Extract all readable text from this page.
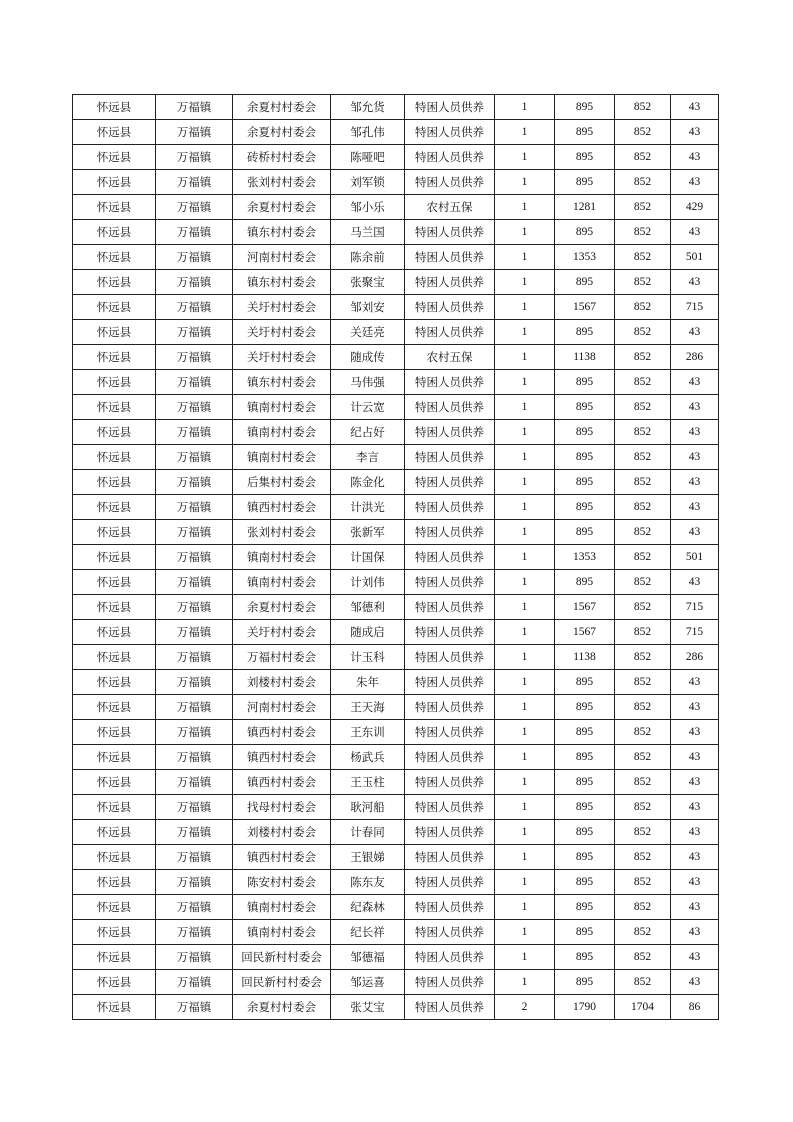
怀远县	万福镇	余夏村村委会	邹允货	特困人员供养	1	895	852	43
怀远县	万福镇	余夏村村委会	邹孔伟	特困人员供养	1	895	852	43
怀远县	万福镇	砖桥村村委会	陈哑吧	特困人员供养	1	895	852	43
怀远县	万福镇	张刘村村委会	刘军锁	特困人员供养	1	895	852	43
怀远县	万福镇	余夏村村委会	邹小乐	农村五保	1	1281	852	429
怀远县	万福镇	镇东村村委会	马兰国	特困人员供养	1	895	852	43
怀远县	万福镇	河南村村委会	陈余前	特困人员供养	1	1353	852	501
怀远县	万福镇	镇东村村委会	张聚宝	特困人员供养	1	895	852	43
怀远县	万福镇	关圩村村委会	邹刘安	特困人员供养	1	1567	852	715
怀远县	万福镇	关圩村村委会	关廷亮	特困人员供养	1	895	852	43
怀远县	万福镇	关圩村村委会	随成传	农村五保	1	1138	852	286
怀远县	万福镇	镇东村村委会	马伟强	特困人员供养	1	895	852	43
怀远县	万福镇	镇南村村委会	计云宽	特困人员供养	1	895	852	43
怀远县	万福镇	镇南村村委会	纪占好	特困人员供养	1	895	852	43
怀远县	万福镇	镇南村村委会	李言	特困人员供养	1	895	852	43
怀远县	万福镇	后集村村委会	陈金化	特困人员供养	1	895	852	43
怀远县	万福镇	镇西村村委会	计洪光	特困人员供养	1	895	852	43
怀远县	万福镇	张刘村村委会	张新军	特困人员供养	1	895	852	43
怀远县	万福镇	镇南村村委会	计国保	特困人员供养	1	1353	852	501
怀远县	万福镇	镇南村村委会	计刘伟	特困人员供养	1	895	852	43
怀远县	万福镇	余夏村村委会	邹德利	特困人员供养	1	1567	852	715
怀远县	万福镇	关圩村村委会	随成启	特困人员供养	1	1567	852	715
怀远县	万福镇	万福村村委会	计玉科	特困人员供养	1	1138	852	286
怀远县	万福镇	刘楼村村委会	朱年	特困人员供养	1	895	852	43
怀远县	万福镇	河南村村委会	王天海	特困人员供养	1	895	852	43
怀远县	万福镇	镇西村村委会	王东训	特困人员供养	1	895	852	43
怀远县	万福镇	镇西村村委会	杨武兵	特困人员供养	1	895	852	43
怀远县	万福镇	镇西村村委会	王玉柱	特困人员供养	1	895	852	43
怀远县	万福镇	找母村村委会	耿河船	特困人员供养	1	895	852	43
怀远县	万福镇	刘楼村村委会	计春同	特困人员供养	1	895	852	43
怀远县	万福镇	镇西村村委会	王银娣	特困人员供养	1	895	852	43
怀远县	万福镇	陈安村村委会	陈东友	特困人员供养	1	895	852	43
怀远县	万福镇	镇南村村委会	纪森林	特困人员供养	1	895	852	43
怀远县	万福镇	镇南村村委会	纪长祥	特困人员供养	1	895	852	43
怀远县	万福镇	回民新村村委会	邹德福	特困人员供养	1	895	852	43
怀远县	万福镇	回民新村村委会	邹运喜	特困人员供养	1	895	852	43
怀远县	万福镇	余夏村村委会	张艾宝	特困人员供养	2	1790	1704	86
